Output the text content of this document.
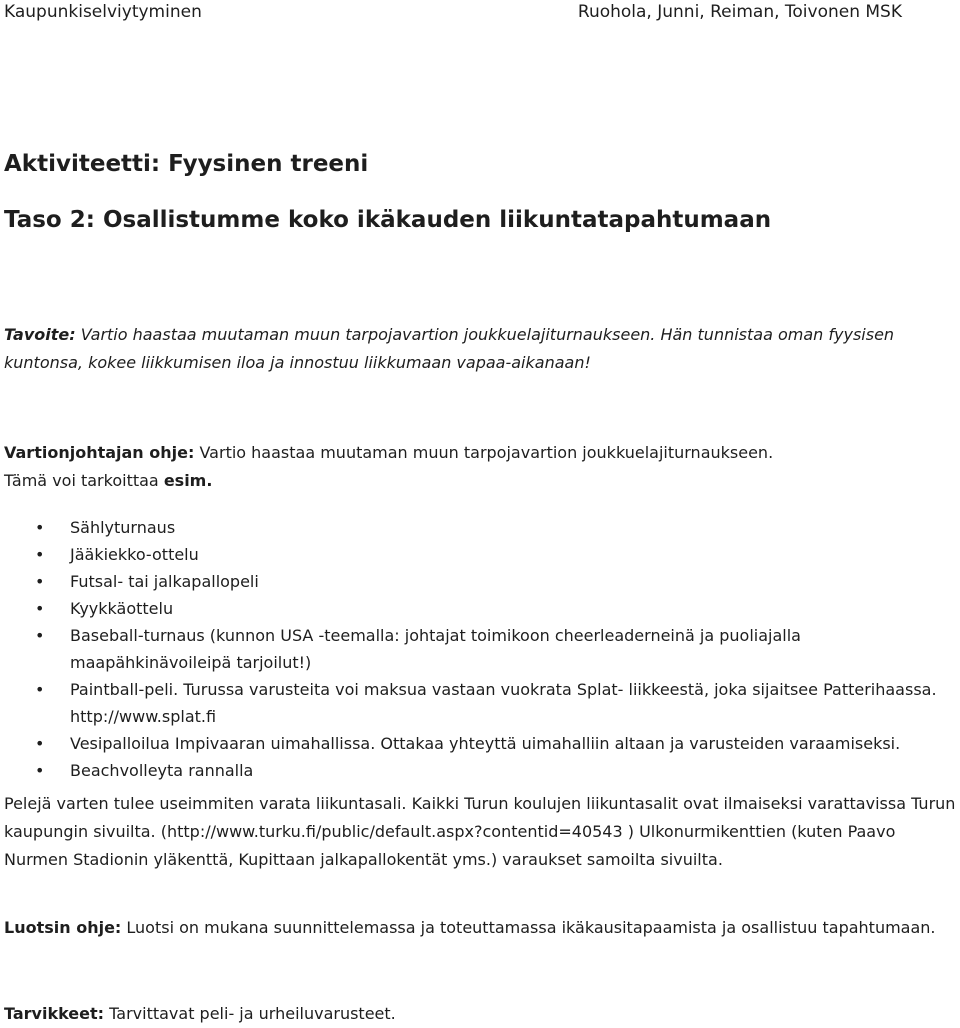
Kaupunkiselviytyminen	Ruohola, Junni, Reiman, Toivonen MSK
Aktiviteetti: Fyysinen treeni
Taso 2: Osallistumme koko ikäkauden liikuntatapahtumaan
Tavoite: Vartio haastaa muutaman muun tarpojavartion joukkuelajiturnaukseen. Hän tunnistaa oman fyysisen kuntonsa, kokee liikkumisen iloa ja innostuu liikkumaan vapaa-aikanaan!
Vartionjohtajan ohje: Vartio haastaa muutaman muun tarpojavartion joukkuelajiturnaukseen.
Tämä voi tarkoittaa esim.
• Sählyturnaus
• Jääkiekko-ottelu
• Futsal- tai jalkapallopeli
• Kyykkäottelu
• Baseball-turnaus (kunnon USA -teemalla: johtajat toimikoon cheerleaderneinä ja puoliajalla maapähkinävoileipä tarjoilut!)
• Paintball-peli. Turussa varusteita voi maksua vastaan vuokrata Splat- liikkeestä, joka sijaitsee Patterihaassa. http://www.splat.fi
• Vesipalloilua Impivaaran uimahallissa. Ottakaa yhteyttä uimahalliin altaan ja varusteiden varaamiseksi.
• Beachvolleyta rannalla
Pelejä varten tulee useimmiten varata liikuntasali. Kaikki Turun koulujen liikuntasalit ovat ilmaiseksi varattavissa Turun kaupungin sivuilta. (http://www.turku.fi/public/default.aspx?contentid=40543 ) Ulkonurmikenttien (kuten Paavo Nurmen Stadionin yläkenttä, Kupittaan jalkapallokentät yms.) varaukset samoilta sivuilta.
Luotsin ohje: Luotsi on mukana suunnittelemassa ja toteuttamassa ikäkausitapaamista ja osallistuu tapahtumaan.
Tarvikkeet: Tarvittavat peli- ja urheiluvarusteet.
